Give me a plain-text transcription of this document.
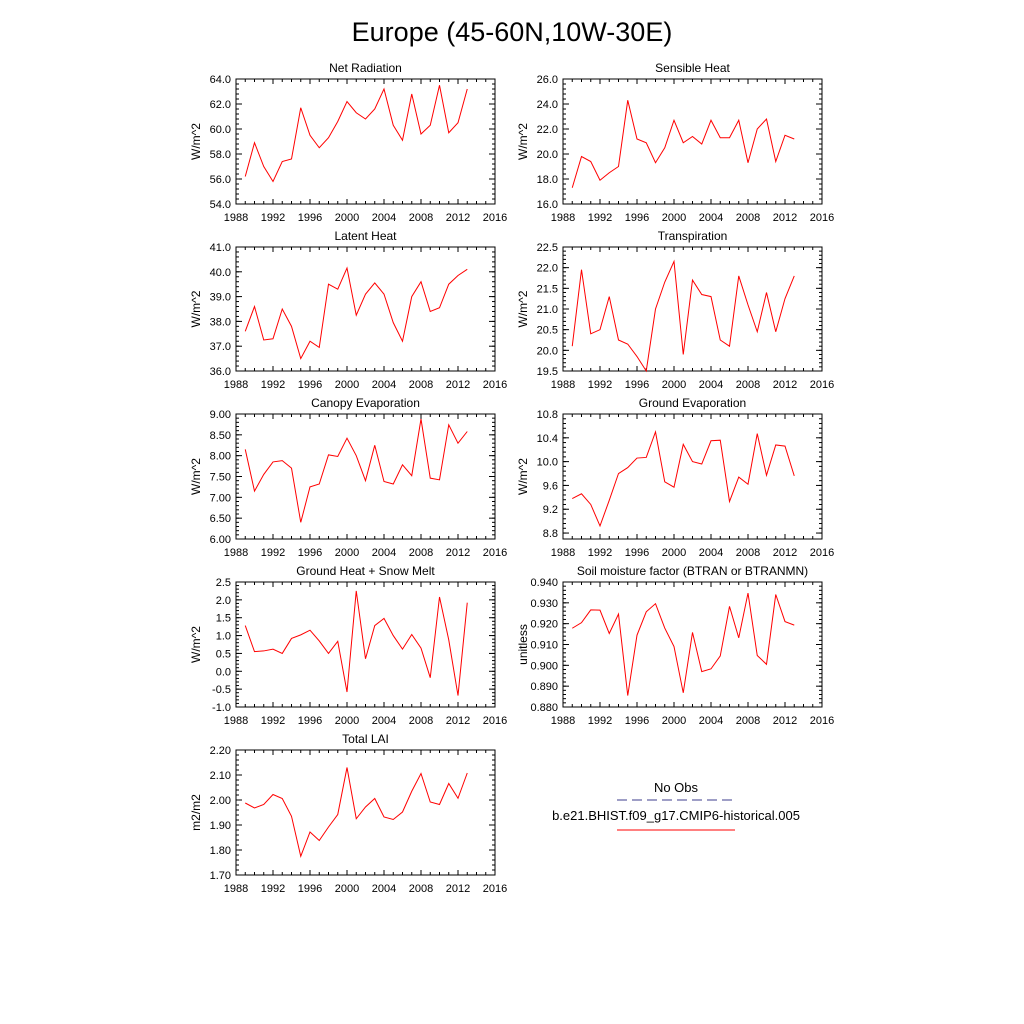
Europe (45-60N,10W-30E)
Net Radiation
1988 1992 1996 2000 2004 2008 2012 2016
54.0
56.0
58.0
60.0
62.0
64.0
W/m^2
Sensible Heat
1988 1992 1996 2000 2004 2008 2012 2016
16.0
18.0
20.0
22.0
24.0
26.0
W/m^2
Latent Heat
1988 1992 1996 2000 2004 2008 2012 2016
36.0
37.0
38.0
39.0
40.0
41.0
W/m^2
Transpiration
1988 1992 1996 2000 2004 2008 2012 2016
19.5
20.0
20.5
21.0
21.5
22.0
22.5
W/m^2
Canopy Evaporation
1988 1992 1996 2000 2004 2008 2012 2016
6.00
6.50
7.00
7.50
8.00
8.50
9.00
W/m^2
Ground Evaporation
1988 1992 1996 2000 2004 2008 2012 2016
8.8
9.2
9.6
10.0
10.4
10.8
W/m^2
Ground Heat + Snow Melt
1988 1992 1996 2000 2004 2008 2012 2016
-1.0
-0.5
0.0
0.5
1.0
1.5
2.0
2.5
W/m^2
Soil moisture factor (BTRAN or BTRANMN)
1988 1992 1996 2000 2004 2008 2012 2016
0.880
0.890
0.900
0.910
0.920
0.930
0.940
unitless
Total LAI
1988 1992 1996 2000 2004 2008 2012 2016
1.70
1.80
1.90
2.00
2.10
2.20
m2/m2
No Obs
b.e21.BHIST.f09_g17.CMIP6-historical.005
